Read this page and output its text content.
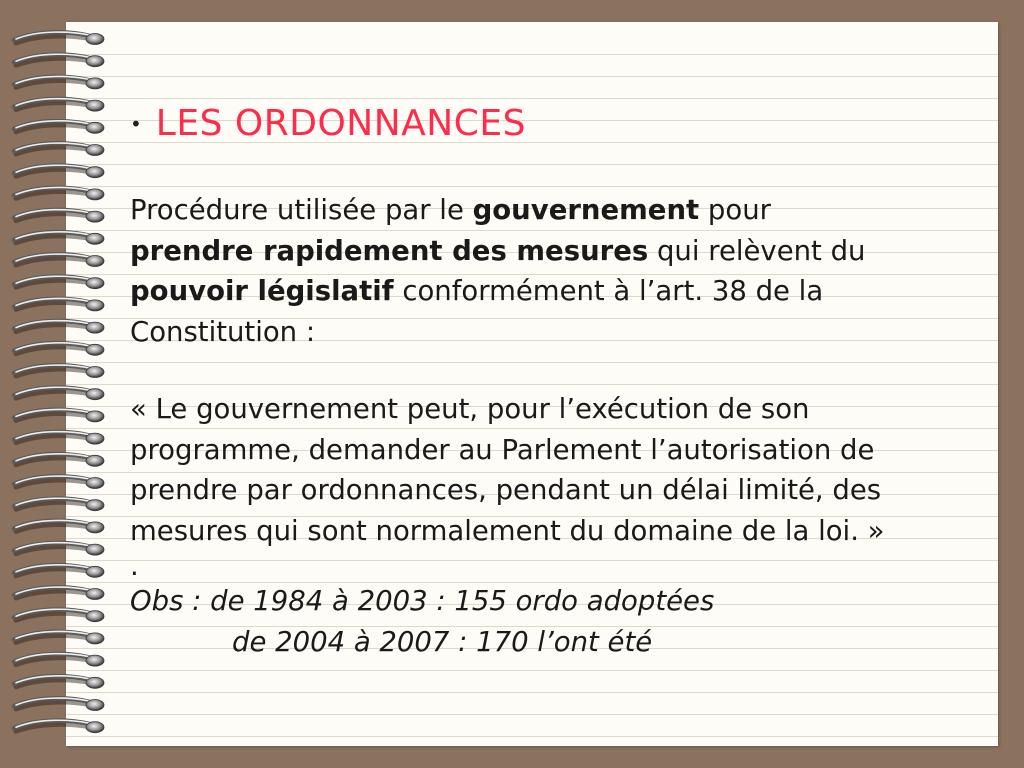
• LES ORDONNANCES
Procédure utilisée par le gouvernement pour
prendre rapidement des mesures qui relèvent du
pouvoir législatif conformément à l’art. 38 de la Constitution :
« Le gouvernement peut, pour l’exécution de son programme, demander au Parlement l’autorisation de prendre par ordonnances, pendant un délai limité, des mesures qui sont normalement du domaine de la loi. »
.
Obs : de 1984 à 2003 : 155 ordo adoptées
de 2004 à 2007 : 170 l’ont été
